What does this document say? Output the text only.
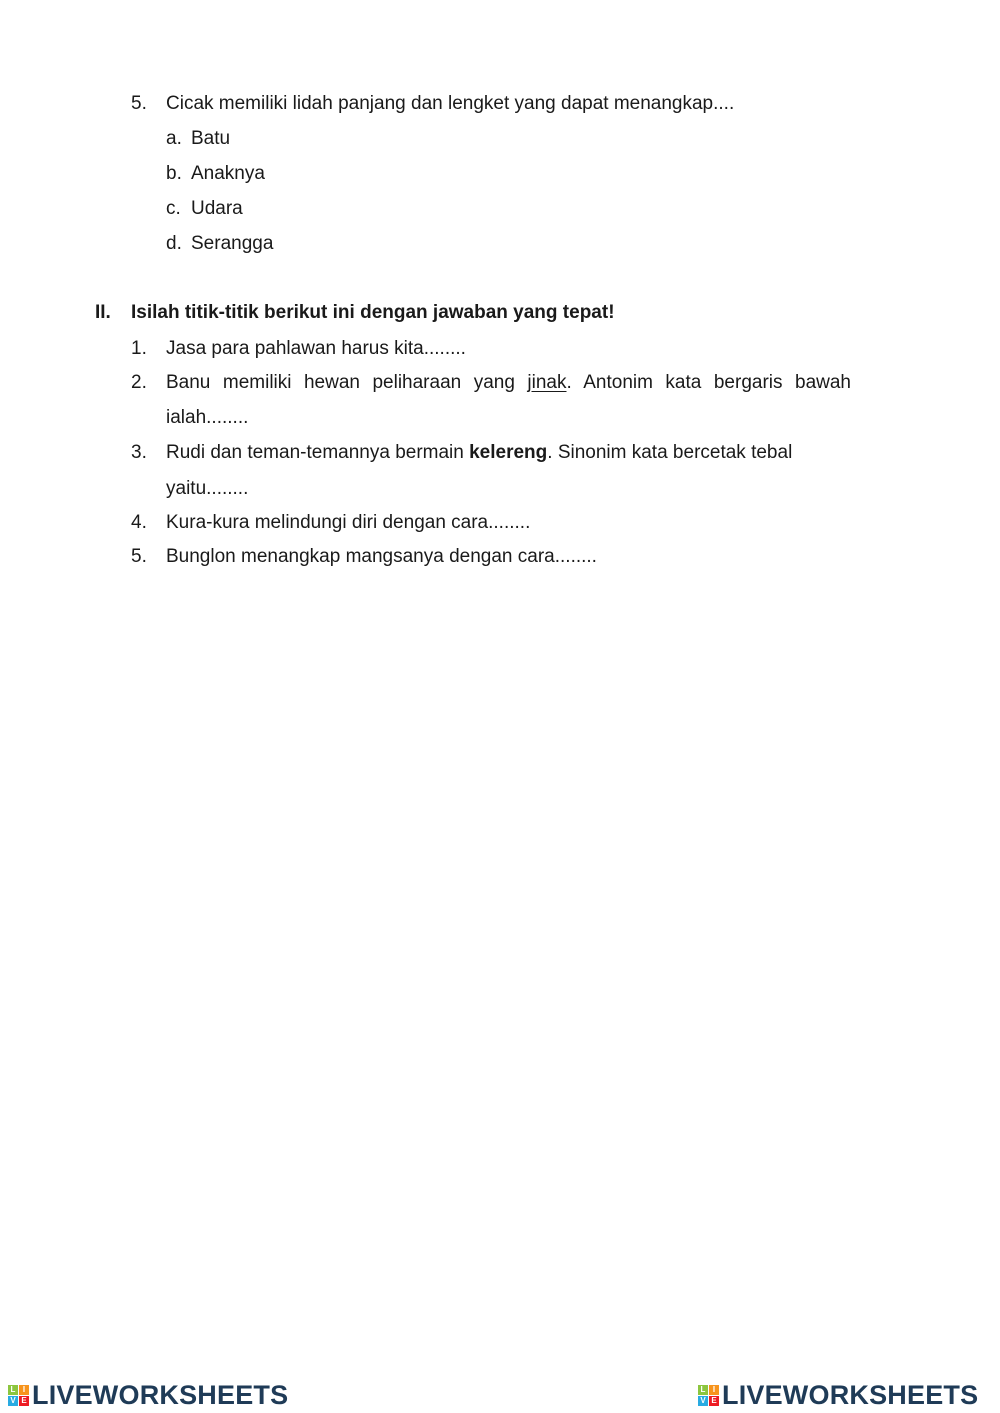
5. Cicak memiliki lidah panjang dan lengket yang dapat menangkap....
a. Batu
b. Anaknya
c. Udara
d. Serangga
II. Isilah titik-titik berikut ini dengan jawaban yang tepat!
1. Jasa para pahlawan harus kita........
2. Banu memiliki hewan peliharaan yang jinak. Antonim kata bergaris bawah
ialah........
3. Rudi dan teman-temannya bermain kelereng. Sinonim kata bercetak tebal
yaitu........
4. Kura-kura melindungi diri dengan cara........
5. Bunglon menangkap mangsanya dengan cara........
L I
V E LIVEWORKSHEETS	L I
V E LIVEWORKSHEETS
